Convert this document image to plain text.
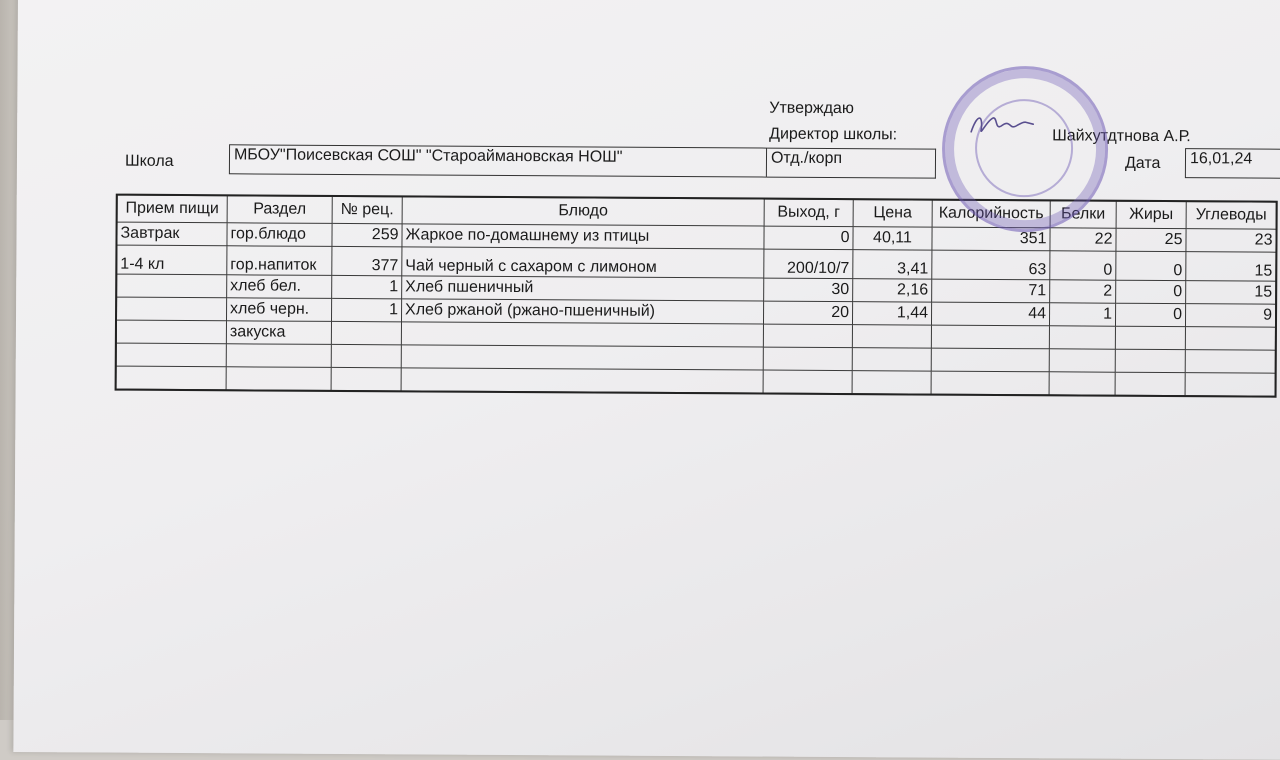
Утверждаю
Директор школы:	Шайхутдтнова А.Р.
Школа	МБОУ"Поисевская СОШ" "Староаймановская НОШ"	Отд./корп	Дата 16,01,24
Прием пищи	Раздел	№ рец.	Блюдо	Выход, г	Цена	Калорийность	Белки	Жиры	Углеводы
Завтрак	гор.блюдо	259	Жаркое по-домашнему из птицы	0	40,11	351	22	25	23
1-4 кл	гор.напиток	377	Чай черный с сахаром с лимоном	200/10/7	3,41	63	0	0	15
	хлеб бел.	1	Хлеб пшеничный	30	2,16	71	2	0	15
	хлеб черн.	1	Хлеб ржаной (ржано-пшеничный)	20	1,44	44	1	0	9
	закуска								
